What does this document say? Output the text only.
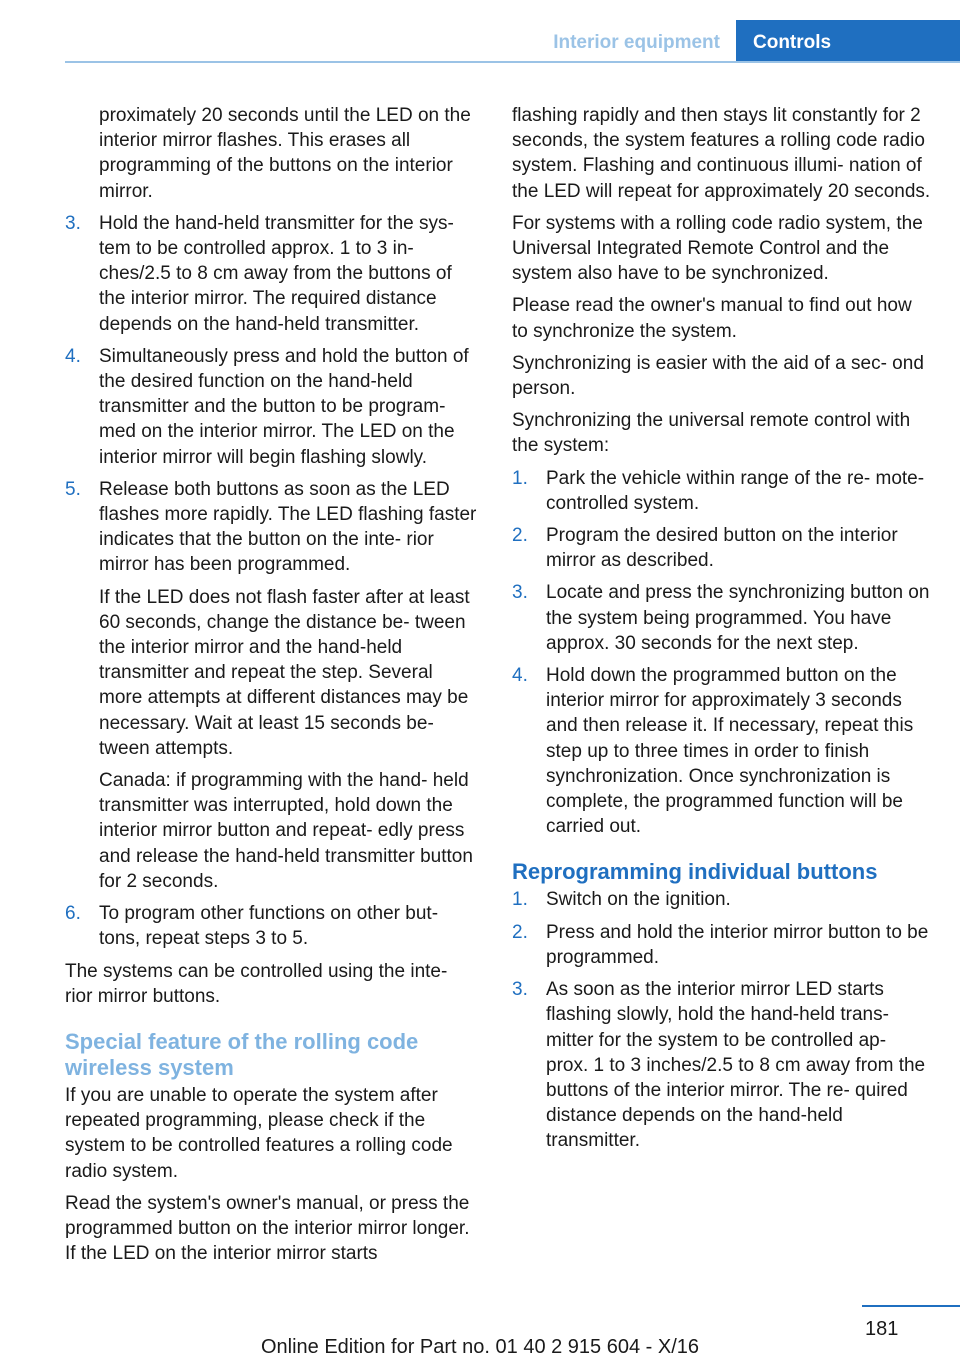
Interior equipment Controls

proximately 20 seconds until the LED on the interior mirror flashes. This erases all programming of the buttons on the interior mirror.

3. Hold the hand-held transmitter for the sys‐ tem to be controlled approx. 1 to 3 in‐ ches/2.5 to 8 cm away from the buttons of the interior mirror. The required distance depends on the hand-held transmitter.
4. Simultaneously press and hold the button of the desired function on the hand-held transmitter and the button to be program‐ med on the interior mirror. The LED on the interior mirror will begin flashing slowly.
5. Release both buttons as soon as the LED flashes more rapidly. The LED flashing faster indicates that the button on the inte‐ rior mirror has been programmed.

If the LED does not flash faster after at least 60 seconds, change the distance be‐ tween the interior mirror and the hand-held transmitter and repeat the step. Several more attempts at different distances may be necessary. Wait at least 15 seconds be‐ tween attempts.

Canada: if programming with the hand- held transmitter was interrupted, hold down the interior mirror button and repeat‐ edly press and release the hand-held transmitter button for 2 seconds.

6. To program other functions on other but‐ tons, repeat steps 3 to 5.

The systems can be controlled using the inte‐ rior mirror buttons.

Special feature of the rolling code wireless system

If you are unable to operate the system after repeated programming, please check if the system to be controlled features a rolling code radio system.

Read the system's owner's manual, or press the programmed button on the interior mirror longer. If the LED on the interior mirror starts

flashing rapidly and then stays lit constantly for 2 seconds, the system features a rolling code radio system. Flashing and continuous illumi‐ nation of the LED will repeat for approximately 20 seconds.

For systems with a rolling code radio system, the Universal Integrated Remote Control and the system also have to be synchronized.

Please read the owner's manual to find out how to synchronize the system.

Synchronizing is easier with the aid of a sec‐ ond person.

Synchronizing the universal remote control with the system:

1. Park the vehicle within range of the re‐ mote-controlled system.
2. Program the desired button on the interior mirror as described.
3. Locate and press the synchronizing button on the system being programmed. You have approx. 30 seconds for the next step.
4. Hold down the programmed button on the interior mirror for approximately 3 seconds and then release it. If necessary, repeat this step up to three times in order to finish synchronization. Once synchronization is complete, the programmed function will be carried out.
Reprogramming individual buttons
1. Switch on the ignition.
2. Press and hold the interior mirror button to be programmed.
3. As soon as the interior mirror LED starts flashing slowly, hold the hand-held trans‐ mitter for the system to be controlled ap‐ prox. 1 to 3 inches/2.5 to 8 cm away from the buttons of the interior mirror. The re‐ quired distance depends on the hand-held transmitter.
181
Online Edition for Part no. 01 40 2 915 604 - X/16
